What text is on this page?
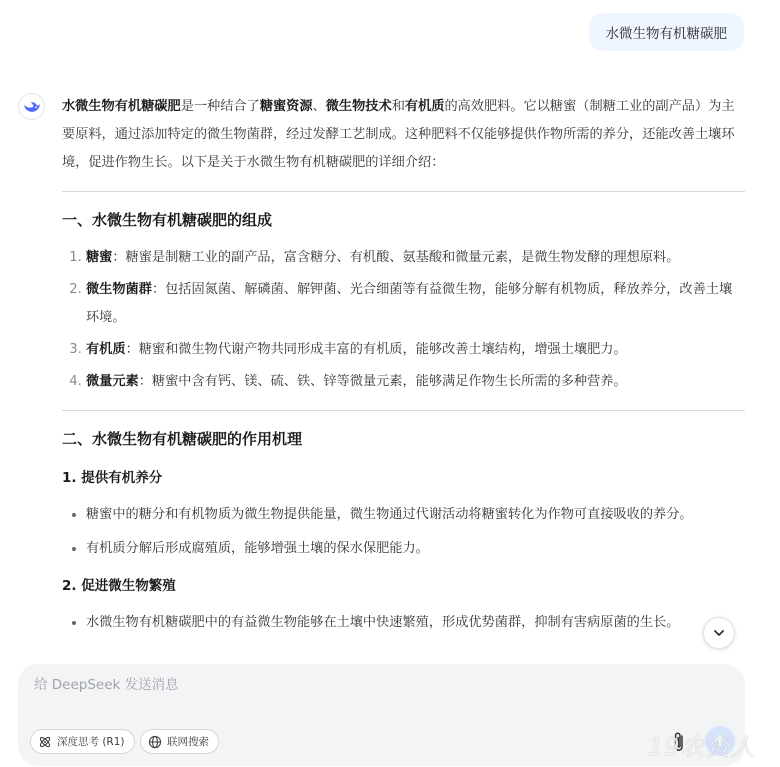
水微生物有机糖碳肥

水微生物有机糖碳肥是一种结合了糖蜜资源、微生物技术和有机质的高效肥料。它以糖蜜（制糖工业的副产品）为主要原料，通过添加特定的微生物菌群，经过发酵工艺制成。这种肥料不仅能够提供作物所需的养分，还能改善土壤环境，促进作物生长。以下是关于水微生物有机糖碳肥的详细介绍：

一、水微生物有机糖碳肥的组成
1. 糖蜜：糖蜜是制糖工业的副产品，富含糖分、有机酸、氨基酸和微量元素，是微生物发酵的理想原料。
2. 微生物菌群：包括固氮菌、解磷菌、解钾菌、光合细菌等有益微生物，能够分解有机物质，释放养分，改善土壤环境。
3. 有机质：糖蜜和微生物代谢产物共同形成丰富的有机质，能够改善土壤结构，增强土壤肥力。
4. 微量元素：糖蜜中含有钙、镁、硫、铁、锌等微量元素，能够满足作物生长所需的多种营养。
二、水微生物有机糖碳肥的作用机理
1. 提供有机养分
糖蜜中的糖分和有机物质为微生物提供能量，微生物通过代谢活动将糖蜜转化为作物可直接吸收的养分。
有机质分解后形成腐殖质，能够增强土壤的保水保肥能力。
2. 促进微生物繁殖
水微生物有机糖碳肥中的有益微生物能够在土壤中快速繁殖，形成优势菌群，抑制有害病原菌的生长。
给 DeepSeek 发送消息
深度思考 (R1)	联网搜索	19农资人
